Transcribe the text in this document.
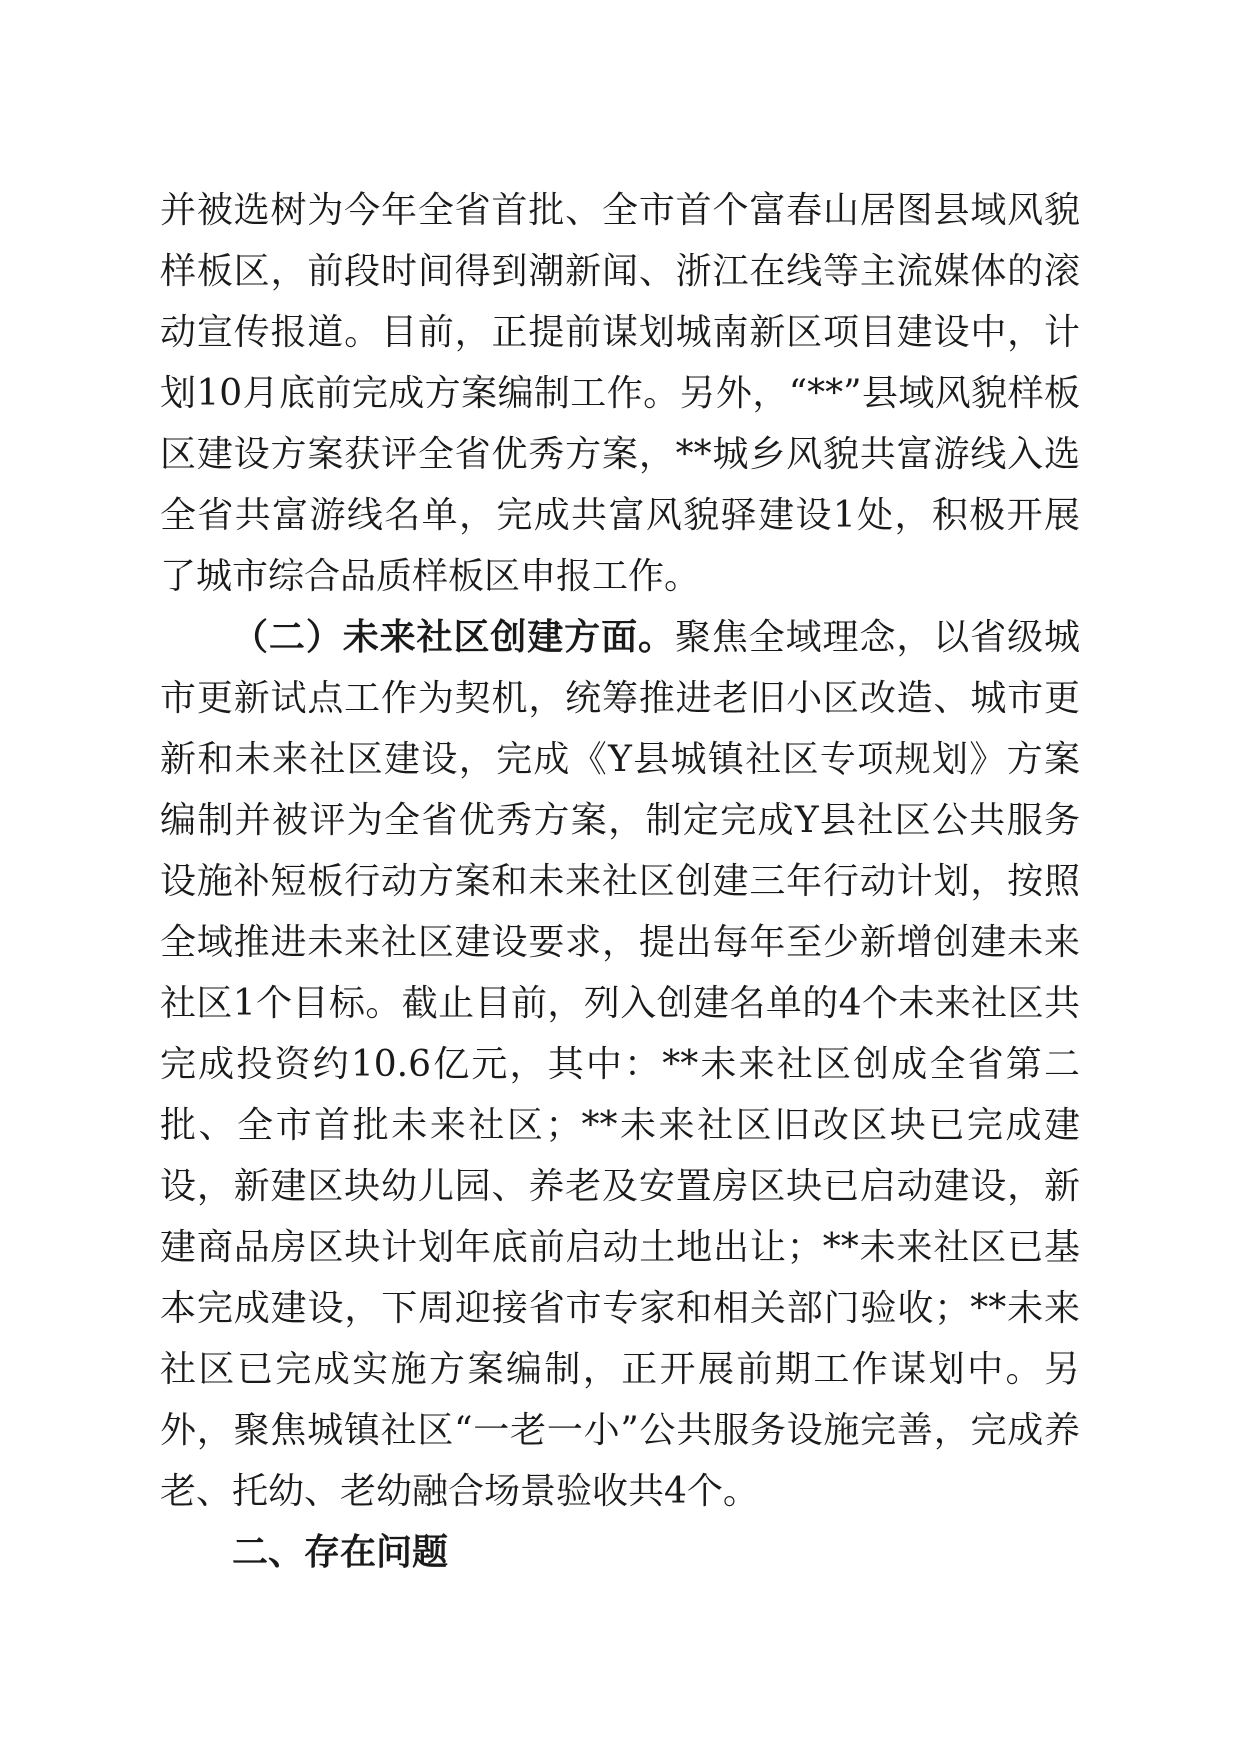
并被选树为今年全省首批、全市首个富春山居图县域风貌样板区，前段时间得到潮新闻、浙江在线等主流媒体的滚动宣传报道。目前，正提前谋划城南新区项目建设中，计划10月底前完成方案编制工作。另外，“**”县域风貌样板区建设方案获评全省优秀方案，**城乡风貌共富游线入选全省共富游线名单，完成共富风貌驿建设1处，积极开展了城市综合品质样板区申报工作。

（二）未来社区创建方面。聚焦全域理念，以省级城市更新试点工作为契机，统筹推进老旧小区改造、城市更新和未来社区建设，完成《Y县城镇社区专项规划》方案编制并被评为全省优秀方案，制定完成Y县社区公共服务设施补短板行动方案和未来社区创建三年行动计划，按照全域推进未来社区建设要求，提出每年至少新增创建未来社区1个目标。截止目前，列入创建名单的4个未来社区共完成投资约10.6亿元，其中：**未来社区创成全省第二批、全市首批未来社区；**未来社区旧改区块已完成建设，新建区块幼儿园、养老及安置房区块已启动建设，新建商品房区块计划年底前启动土地出让；**未来社区已基本完成建设，下周迎接省市专家和相关部门验收；**未来社区已完成实施方案编制，正开展前期工作谋划中。另外，聚焦城镇社区“一老一小”公共服务设施完善，完成养老、托幼、老幼融合场景验收共4个。

二、存在问题
